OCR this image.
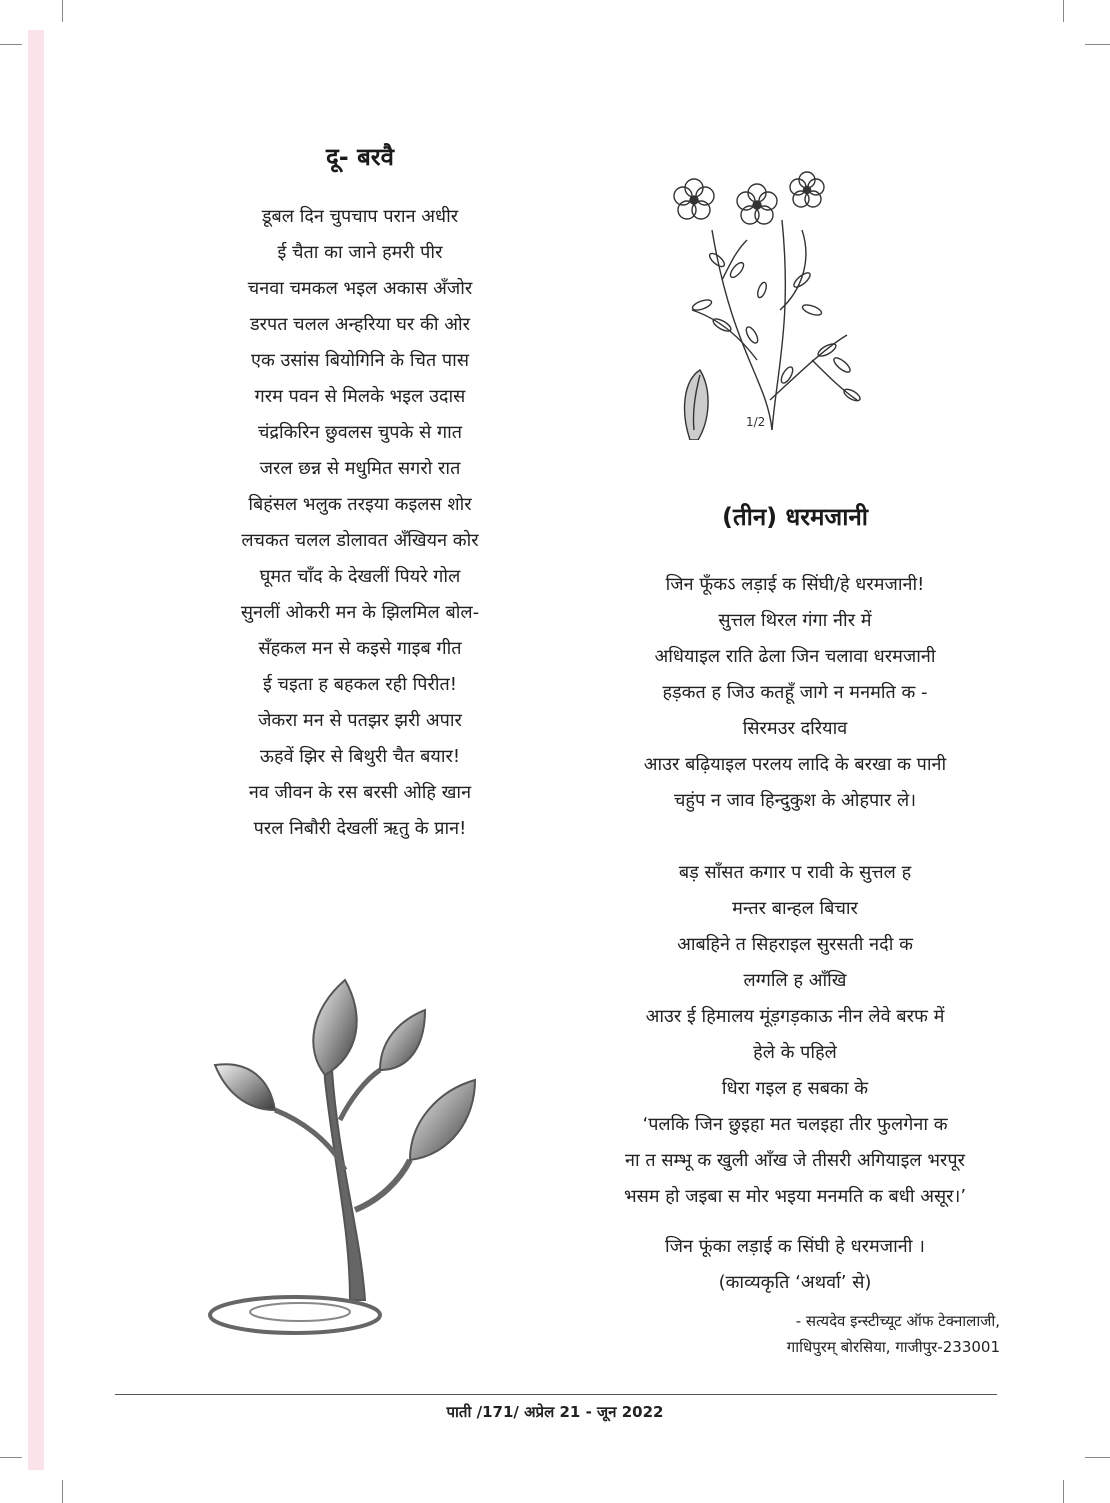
दू- बरवै
डूबल दिन चुपचाप परान अधीर
ई चैता का जाने हमरी पीर
चनवा चमकल भइल अकास अँजोर
डरपत चलल अन्हरिया घर की ओर
एक उसांस बियोगिनि के चित पास
गरम पवन से मिलके भइल उदास
चंद्रकिरिन छुवलस चुपके से गात
जरल छन्न से मधुमित सगरो रात
बिहंसल भलुक तरइया कइलस शोर
लचकत चलल डोलावत अँखियन कोर
घूमत चाँद के देखलीं पियरे गोल
सुनलीं ओकरी मन के झिलमिल बोल-
सँहकल मन से कइसे गाइब गीत
ई चइता ह बहकल रही पिरीत!
जेकरा मन से पतझर झरी अपार
ऊहवें झिर से बिथुरी चैत बयार!
नव जीवन के रस बरसी ओहि खान
परल निबौरी देखलीं ऋतु के प्रान!
1/2
(तीन) धरमजानी
जिन फूँकऽ लड़ाई क सिंघी/हे धरमजानी!
सुत्तल थिरल गंगा नीर में
अधियाइल राति ढेला जिन चलावा धरमजानी
हड़कत ह जिउ कतहूँ जागे न मनमति क -
सिरमउर दरियाव
आउर बढ़ियाइल परलय लादि के बरखा क पानी
चहुंप न जाव हिन्दुकुश के ओहपार ले।
बड़ साँसत कगार प रावी के सुत्तल ह
मन्तर बान्हल बिचार
आबहिने त सिहराइल सुरसती नदी क
लग्गलि ह आँखि
आउर ई हिमालय मूंड़गड़काऊ नीन लेवे बरफ में
हेले के पहिले
धिरा गइल ह सबका के
‘पलकि जिन छुइहा मत चलइहा तीर फुलगेना क
ना त सम्भू क खुली आँख जे तीसरी अगियाइल भरपूर
भसम हो जइबा स मोर भइया मनमति क बधी असूर।’
जिन फूंका लड़ाई क सिंघी हे धरमजानी ।
(काव्यकृति ‘अथर्वा’ से)
- सत्यदेव इन्स्टीच्यूट ऑफ टेक्नालाजी,
गाधिपुरम् बोरसिया, गाजीपुर-233001
पाती /171/ अप्रेल 21 - जून 2022
